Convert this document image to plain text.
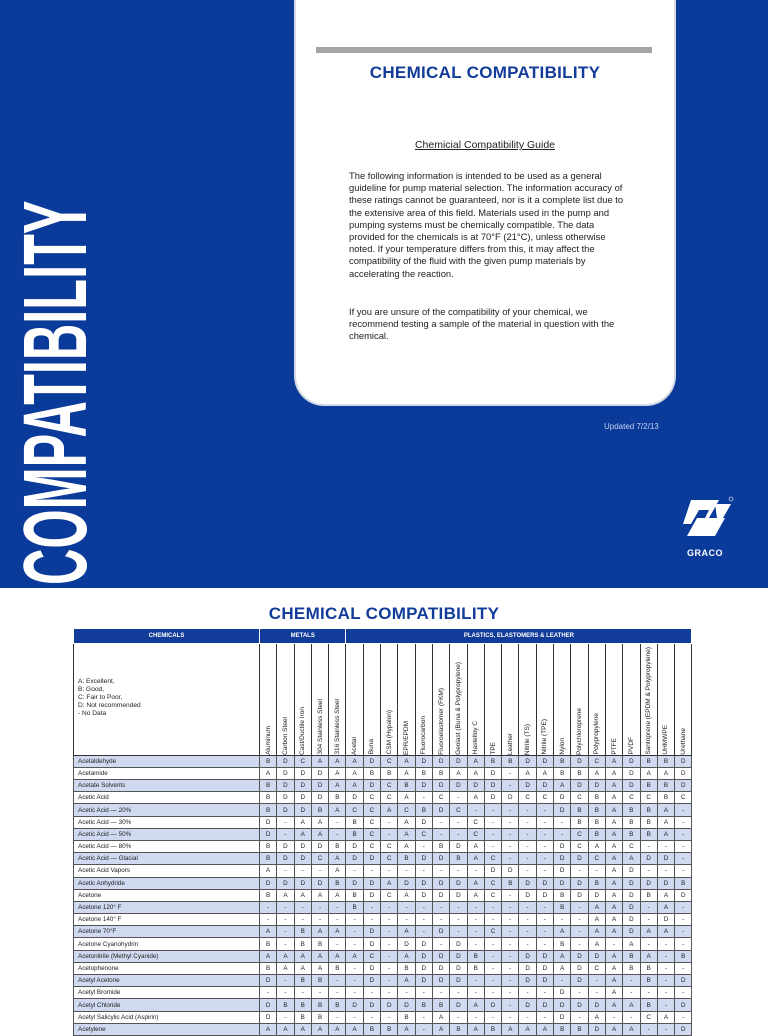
COMPATIBILITY
CHEMICAL COMPATIBILITY
Chemicial Compatibility Guide
The following information is intended to be used as a general guideline for pump material selection. The information accuracy of these ratings cannot be guaranteed, nor is it a complete list due to the extensive area of this field. Materials used in the pump and pumping systems must be chemically compatible. The data provided for the chemicals is at 70°F (21°C), unless otherwise noted. If your temperature differs from this, it may affect the compatibility of the fluid with the given pump materials by accelerating the reaction.
If you are unsure of the compatibility of your chemical, we recommend testing a sample of the material in question with the chemical.
Updated 7/2/13
GRACO
CHEMICAL COMPATIBILITY
CHEMICALS	METALS					PLASTICS, ELASTOMERS & LEATHER																			

A: Excellent,
B: Good,
C: Fair to Poor,
D: Not recommended
- No Data	Aluminum	Carbon Steel	Cast/Ductile Iron	304 Stainless Steel	316 Stainless Steel	Acetal	Buna	CSM (Hypalon)	EPR/EPDM	Fluorocarbon	Fluoroelastomer (FKM)	Geolast (Buna & Polypropylene)	Hastelloy C	TPE	Leather	Nitrile (TS)	Nitrile (TPE)	Nylon	Polychloroprene	Polypropylene	PTFE	PVDF	Santoprene (EPDM & Polypropylene)	UHMWPE	Urethane

Acetaldehyde	B	D	C	A	A	A	D	C	A	D	D	D	A	B	B	D	D	B	D	C	A	D	B	B	D
Acetamide	A	D	D	D	A	A	B	B	A	B	B	A	A	D	-	A	A	B	B	A	A	D	A	A	D
Acetate Solvents	B	D	D	D	A	A	D	C	B	D	D	D	D	D	-	D	D	A	D	D	A	D	B	B	D
Acetic Acid	B	D	D	D	B	D	C	C	A	-	C	-	A	D	D	C	C	D	C	B	A	C	C	B	C
Acetic Acid — 20%	B	D	D	B	A	C	C	A	C	B	D	C	-	-	-	-	-	D	B	B	A	B	B	A	-
Acetic Acid — 30%	D	-	A	A	-	B	C	-	A	D	-	-	C	-	-	-	-	-	B	B	A	B	B	A	-
Acetic Acid — 50%	D	-	A	A	-	B	C	-	A	C	-	-	C	-	-	-	-	-	C	B	A	B	B	A	-
Acetic Acid — 80%	B	D	D	D	B	D	C	C	A	-	B	D	A	-	-	-	-	D	C	A	A	C	-	-	-
Acetic Acid — Glacial	B	D	D	C	A	D	D	C	B	D	D	B	A	C	-	-	-	D	D	C	A	A	D	D	-
Acetic Acid Vapors	A	-	-	-	A	-	-	-	-	-	-	-	-	D	D	-	-	D	-	-	A	D	-	-	-
Acetic Anhydride	D	D	D	D	B	D	D	A	D	D	D	D	A	C	B	D	D	D	D	B	A	D	D	D	B
Acetone	B	A	A	A	A	B	D	C	A	D	D	D	A	C	-	D	D	B	D	D	A	D	B	A	D
Acetone 120° F	-	-	-	-	-	B	-	-	-	-	-	-	-	-	-	-	-	B	-	A	A	D	-	A	-
Acetone 140° F	-	-	-	-	-	-	-	-	-	-	-	-	-	-	-	-	-	-	-	A	A	D	-	D	-
Acetone 70°F	A	-	B	A	A	-	D	-	A	-	D	-	-	C	-	-	-	A	-	A	A	D	A	A	-
Acetone Cyanohydrin	B	-	B	B	-	-	D	-	D	D	-	D	-	-	-	-	-	B	-	A	-	A	-	-	-
Acetonitrile (Methyl Cyanide)	A	A	A	A	A	A	C	-	A	D	D	D	B	-	-	D	D	A	D	D	A	B	A	-	B
Acetophenone	B	A	A	A	B	-	D	-	B	D	D	D	B	-	-	D	D	A	D	C	A	B	B	-	-
Acetyl Acetone	D	-	B	B	-	-	D	-	A	D	D	D	-	-	-	D	D	-	D	-	A	-	B	-	D
Acetyl Bromide	-	-	-	-	-	-	-	-	-	-	-	-	-	-	-	-	-	D	-	-	A	-	-	-	-
Acetyl Chloride	D	B	B	B	B	D	D	D	D	B	B	D	A	D	-	D	D	D	D	D	A	A	B	-	D
Acetyl Salicylic Acid (Aspirin)	D	-	B	B	-	-	-	-	B	-	A	-	-	-	-	-	-	D	-	A	-	-	C	A	-
Acetylene	A	A	A	A	A	A	B	B	A	-	A	B	A	B	A	A	A	B	B	D	A	A	-	-	D
